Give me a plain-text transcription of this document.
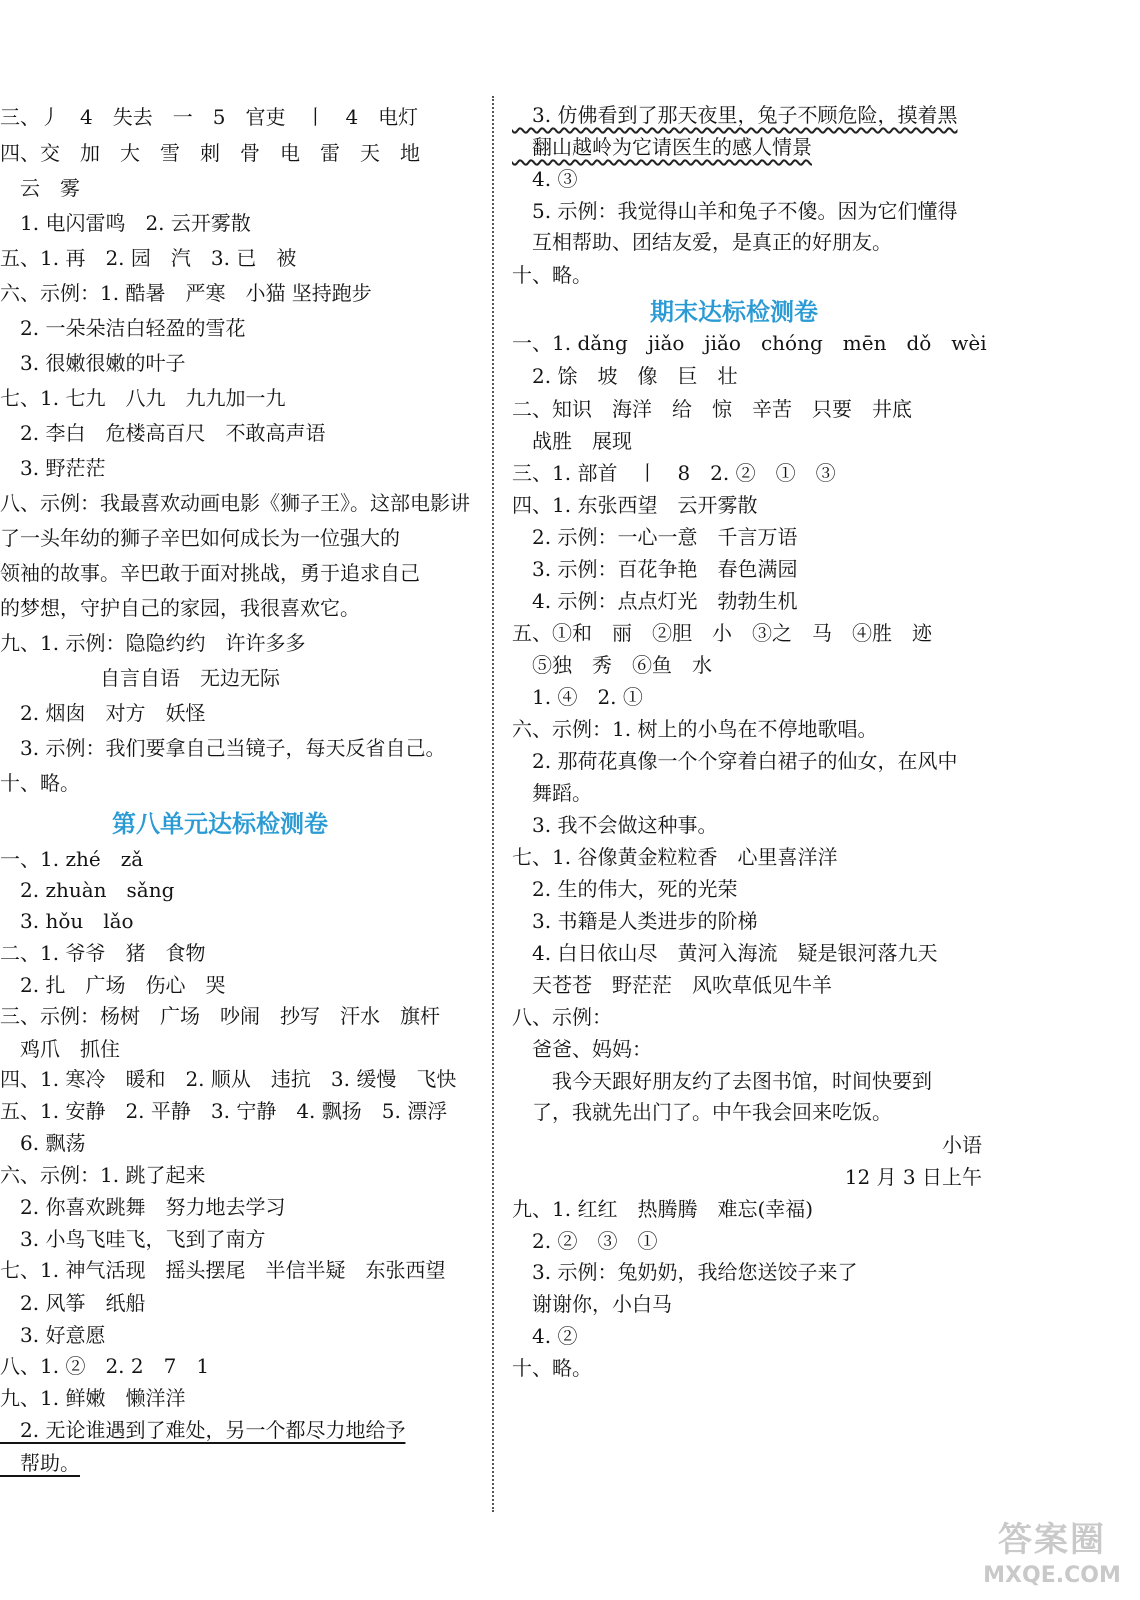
三、丿　4　失去　一　5　官吏　丨　4　电灯
四、交　加　大　雪　刺　骨　电　雷　天　地
　云　雾
　1. 电闪雷鸣　2. 云开雾散
五、1. 再　2. 园　汽　3. 已　被
六、示例：1. 酷暑　严寒　小猫 坚持跑步
　2. 一朵朵洁白轻盈的雪花
　3. 很嫩很嫩的叶子
七、1. 七九　八九　九九加一九
　2. 李白　危楼高百尺　不敢高声语
　3. 野茫茫
八、示例：我最喜欢动画电影《狮子王》。这部电影讲
了一头年幼的狮子辛巴如何成长为一位强大的
领袖的故事。辛巴敢于面对挑战，勇于追求自己
的梦想，守护自己的家园，我很喜欢它。
九、1. 示例：隐隐约约　许许多多
　　　　　自言自语　无边无际
　2. 烟囱　对方　妖怪
　3. 示例：我们要拿自己当镜子，每天反省自己。
十、略。
第八单元达标检测卷
一、1. zhé　zǎ
　2. zhuàn　sǎng
　3. hǒu　lǎo
二、1. 爷爷　猪　食物
　2. 扎　广场　伤心　哭
三、示例：杨树　广场　吵闹　抄写　汗水　旗杆
　鸡爪　抓住
四、1. 寒冷　暖和　2. 顺从　违抗　3. 缓慢　飞快
五、1. 安静　2. 平静　3. 宁静　4. 飘扬　5. 漂浮
　6. 飘荡
六、示例：1. 跳了起来
　2. 你喜欢跳舞　努力地去学习
　3. 小鸟飞哇飞，飞到了南方
七、1. 神气活现　摇头摆尾　半信半疑　东张西望
　2. 风筝　纸船
　3. 好意愿
八、1. ②　2. 2　7　1
九、1. 鲜嫩　懒洋洋
　2. 无论谁遇到了难处，另一个都尽力地给予
　帮助。
　3. 仿佛看到了那天夜里，兔子不顾危险，摸着黑
　翻山越岭为它请医生的感人情景
　4. ③
　5. 示例：我觉得山羊和兔子不傻。因为它们懂得
　互相帮助、团结友爱，是真正的好朋友。
十、略。
期末达标检测卷
一、1. dǎng　jiǎo　jiǎo　chóng　mēn　dǒ　wèi
　2. 馀　坡　像　巨　壮
二、知识　海洋　给　惊　辛苦　只要　井底
　战胜　展现
三、1. 部首　丨　8　2. ②　①　③
四、1. 东张西望　云开雾散
　2. 示例：一心一意　千言万语
　3. 示例：百花争艳　春色满园
　4. 示例：点点灯光　勃勃生机
五、①和　丽　②胆　小　③之　马　④胜　迹
　⑤独　秀　⑥鱼　水
　1. ④　2. ①
六、示例：1. 树上的小鸟在不停地歌唱。
　2. 那荷花真像一个个穿着白裙子的仙女，在风中
　舞蹈。
　3. 我不会做这种事。
七、1. 谷像黄金粒粒香　心里喜洋洋
　2. 生的伟大，死的光荣
　3. 书籍是人类进步的阶梯
　4. 白日依山尽　黄河入海流　疑是银河落九天
　天苍苍　野茫茫　风吹草低见牛羊
八、示例：
　爸爸、妈妈：
　　我今天跟好朋友约了去图书馆，时间快要到
　了，我就先出门了。中午我会回来吃饭。
小语
12 月 3 日上午
九、1. 红红　热腾腾　难忘(幸福)
　2. ②　③　①
　3. 示例：兔奶奶，我给您送饺子来了
　谢谢你，小白马
　4. ②
十、略。
答案圈
MXQE.COM
